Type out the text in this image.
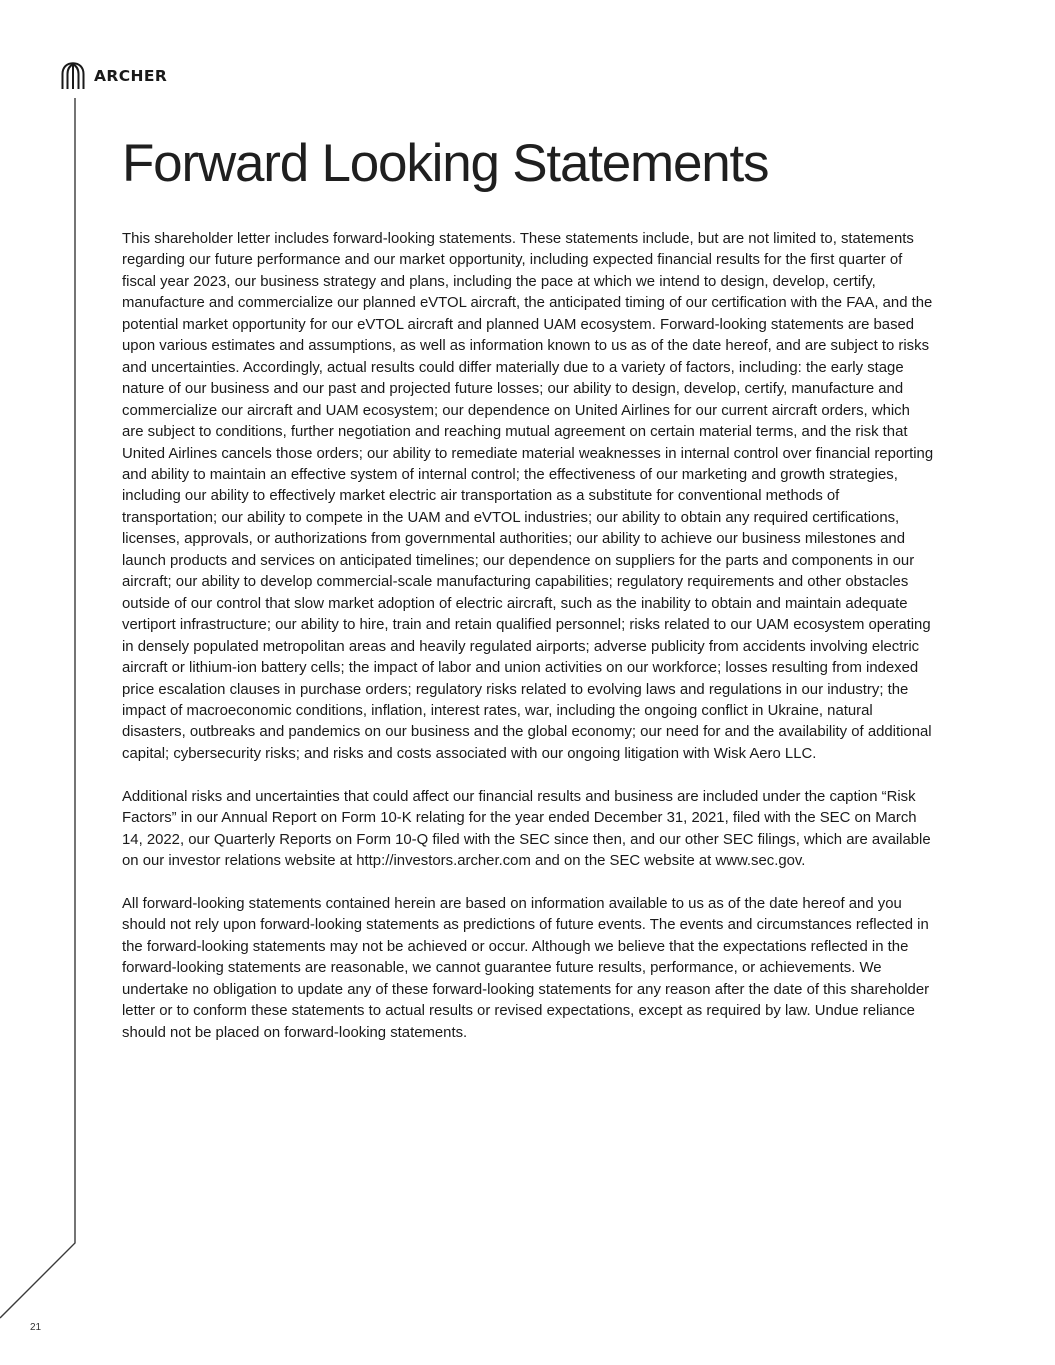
ARCHER
Forward Looking Statements

This shareholder letter includes forward-looking statements. These statements include, but are not limited to, statements regarding our future performance and our market opportunity, including expected financial results for the first quarter of fiscal year 2023, our business strategy and plans, including the pace at which we intend to design, develop, certify, manufacture and commercialize our planned eVTOL aircraft, the anticipated timing of our certification with the FAA, and the potential market opportunity for our eVTOL aircraft and planned UAM ecosystem. Forward-looking statements are based upon various estimates and assumptions, as well as information known to us as of the date hereof, and are subject to risks and uncertainties. Accordingly, actual results could differ materially due to a variety of factors, including: the early stage nature of our business and our past and projected future losses; our ability to design, develop, certify, manufacture and commercialize our aircraft and UAM ecosystem; our dependence on United Airlines for our current aircraft orders, which are subject to conditions, further negotiation and reaching mutual agreement on certain material terms, and the risk that United Airlines cancels those orders; our ability to remediate material weaknesses in internal control over financial reporting and ability to maintain an effective system of internal control; the effectiveness of our marketing and growth strategies, including our ability to effectively market electric air transportation as a substitute for conventional methods of transportation; our ability to compete in the UAM and eVTOL industries; our ability to obtain any required certifications, licenses, approvals, or authorizations from governmental authorities; our ability to achieve our business milestones and launch products and services on anticipated timelines; our dependence on suppliers for the parts and components in our aircraft; our ability to develop commercial-scale manufacturing capabilities; regulatory requirements and other obstacles outside of our control that slow market adoption of electric aircraft, such as the inability to obtain and maintain adequate vertiport infrastructure; our ability to hire, train and retain qualified personnel; risks related to our UAM ecosystem operating in densely populated metropolitan areas and heavily regulated airports; adverse publicity from accidents involving electric aircraft or lithium-ion battery cells; the impact of labor and union activities on our workforce; losses resulting from indexed price escalation clauses in purchase orders; regulatory risks related to evolving laws and regulations in our industry; the impact of macroeconomic conditions, inflation, interest rates, war, including the ongoing conflict in Ukraine, natural disasters, outbreaks and pandemics on our business and the global economy; our need for and the availability of additional capital; cybersecurity risks; and risks and costs associated with our ongoing litigation with Wisk Aero LLC.

Additional risks and uncertainties that could affect our financial results and business are included under the caption “Risk Factors” in our Annual Report on Form 10-K relating for the year ended December 31, 2021, filed with the SEC on March 14, 2022, our Quarterly Reports on Form 10-Q filed with the SEC since then, and our other SEC filings, which are available on our investor relations website at http://investors.archer.com and on the SEC website at www.sec.gov.

All forward-looking statements contained herein are based on information available to us as of the date hereof and you should not rely upon forward-looking statements as predictions of future events. The events and circumstances reflected in the forward-looking statements may not be achieved or occur. Although we believe that the expectations reflected in the forward-looking statements are reasonable, we cannot guarantee future results, performance, or achievements. We undertake no obligation to update any of these forward-looking statements for any reason after the date of this shareholder letter or to conform these statements to actual results or revised expectations, except as required by law. Undue reliance should not be placed on forward-looking statements.

21
